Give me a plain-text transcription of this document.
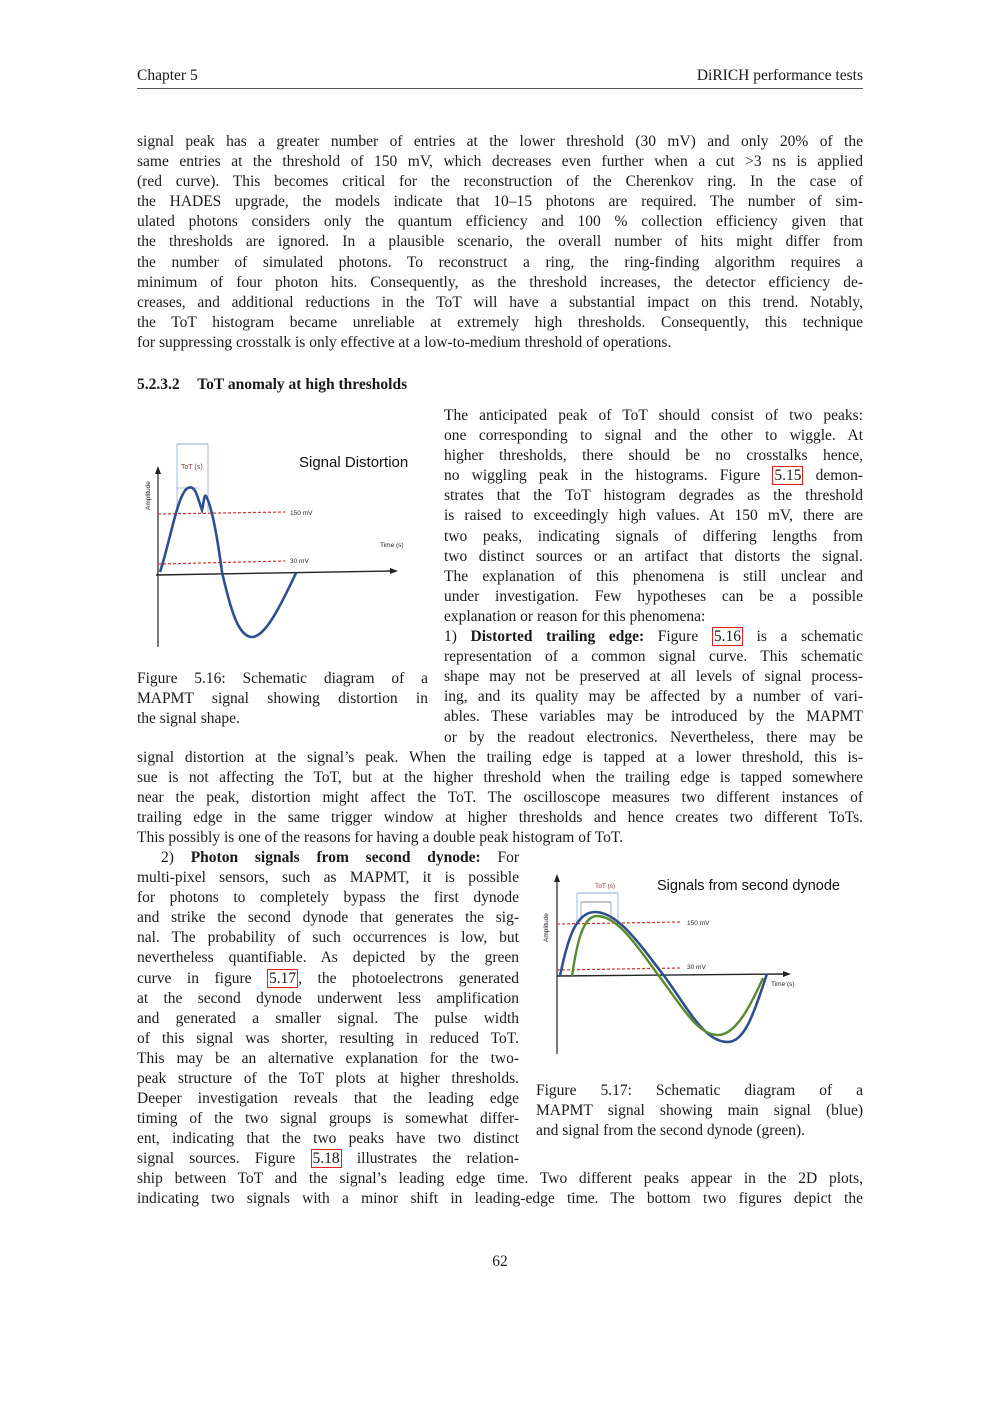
Chapter 5	DiRICH performance tests
signal peak has a greater number of entries at the lower threshold (30 mV) and only 20% of the
same entries at the threshold of 150 mV, which decreases even further when a cut >3 ns is applied
(red curve). This becomes critical for the reconstruction of the Cherenkov ring. In the case of
the HADES upgrade, the models indicate that 10–15 photons are required. The number of sim-
ulated photons considers only the quantum efficiency and 100 % collection efficiency given that
the thresholds are ignored. In a plausible scenario, the overall number of hits might differ from
the number of simulated photons. To reconstruct a ring, the ring-finding algorithm requires a
minimum of four photon hits. Consequently, as the threshold increases, the detector efficiency de-
creases, and additional reductions in the ToT will have a substantial impact on this trend. Notably,
the ToT histogram became unreliable at extremely high thresholds. Consequently, this technique
for suppressing crosstalk is only effective at a low-to-medium threshold of operations.
5.2.3.2 ToT anomaly at high thresholds
ToT (s)
Amplitude
150 mV
30 mV
Time (s)
Signal Distortion
Figure 5.16: Schematic diagram of a
MAPMT signal showing distortion in
the signal shape.
The anticipated peak of ToT should consist of two peaks:
one corresponding to signal and the other to wiggle. At
higher thresholds, there should be no crosstalks hence,
no wiggling peak in the histograms. Figure 5.15 demon-
strates that the ToT histogram degrades as the threshold
is raised to exceedingly high values. At 150 mV, there are
two peaks, indicating signals of differing lengths from
two distinct sources or an artifact that distorts the signal.
The explanation of this phenomena is still unclear and
under investigation. Few hypotheses can be a possible
explanation or reason for this phenomena:
1) Distorted trailing edge: Figure 5.16 is a schematic
representation of a common signal curve. This schematic
shape may not be preserved at all levels of signal process-
ing, and its quality may be affected by a number of vari-
ables. These variables may be introduced by the MAPMT
or by the readout electronics. Nevertheless, there may be
signal distortion at the signal’s peak. When the trailing edge is tapped at a lower threshold, this is-
sue is not affecting the ToT, but at the higher threshold when the trailing edge is tapped somewhere
near the peak, distortion might affect the ToT. The oscilloscope measures two different instances of
trailing edge in the same trigger window at higher thresholds and hence creates two different ToTs.
This possibly is one of the reasons for having a double peak histogram of ToT.
2) Photon signals from second dynode: For
multi-pixel sensors, such as MAPMT, it is possible
for photons to completely bypass the first dynode
and strike the second dynode that generates the sig-
nal. The probability of such occurrences is low, but
nevertheless quantifiable. As depicted by the green
curve in figure 5.17 , the photoelectrons generated
at the second dynode underwent less amplification
and generated a smaller signal. The pulse width
of this signal was shorter, resulting in reduced ToT.
This may be an alternative explanation for the two-
peak structure of the ToT plots at higher thresholds.
Deeper investigation reveals that the leading edge
timing of the two signal groups is somewhat differ-
ent, indicating that the two peaks have two distinct
signal sources. Figure 5.18 illustrates the relation-
ToT (s)
Amplitude	150 mV
30 mV
Time (s)
Signals from second dynode
Figure 5.17: Schematic diagram of a
MAPMT signal showing main signal (blue)
and signal from the second dynode (green).
ship between ToT and the signal’s leading edge time. Two different peaks appear in the 2D plots,
indicating two signals with a minor shift in leading-edge time. The bottom two figures depict the
62
